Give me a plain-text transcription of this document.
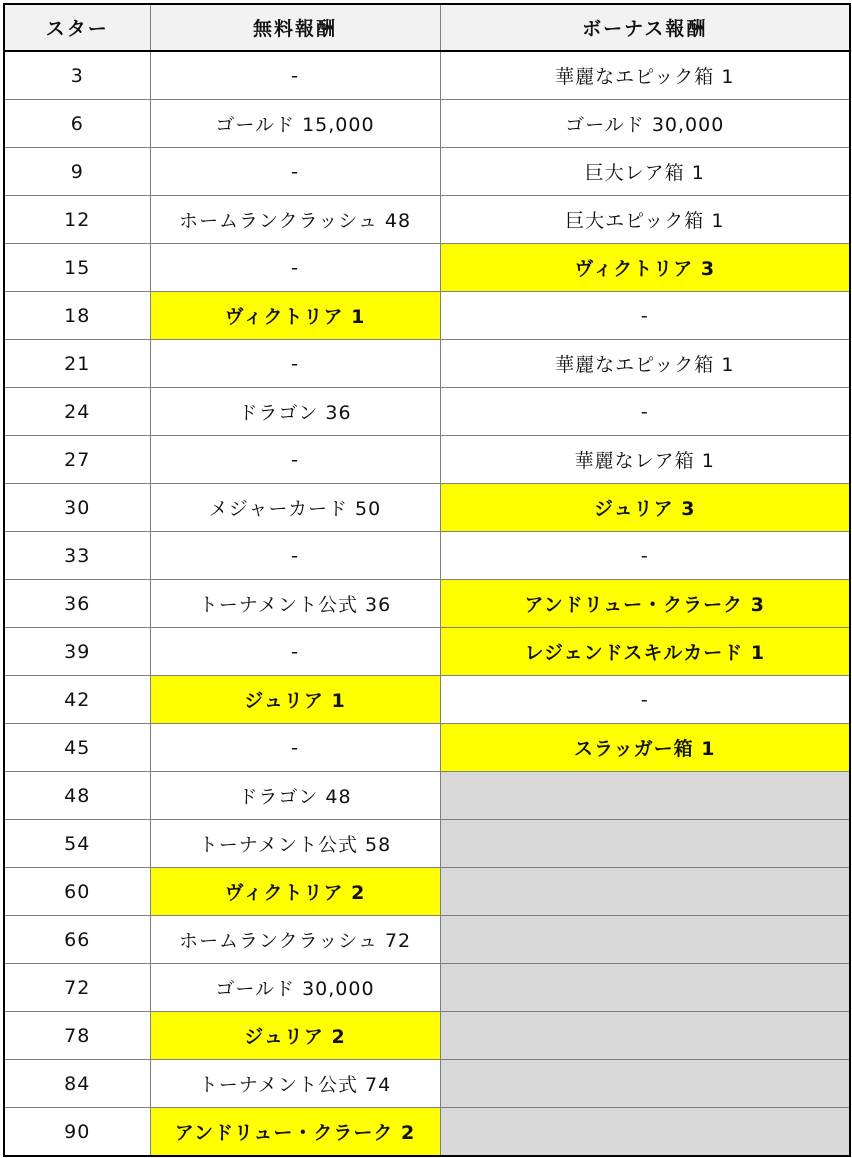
スター	無料報酬	ボーナス報酬
3	-	華麗なエピック箱 1
6	ゴールド 15,000	ゴールド 30,000
9	-	巨大レア箱 1
12	ホームランクラッシュ 48	巨大エピック箱 1
15	-	ヴィクトリア 3
18	ヴィクトリア 1	-
21	-	華麗なエピック箱 1
24	ドラゴン 36	-
27	-	華麗なレア箱 1
30	メジャーカード 50	ジュリア 3
33	-	-
36	トーナメント公式 36	アンドリュー・クラーク 3
39	-	レジェンドスキルカード 1
42	ジュリア 1	-
45	-	スラッガー箱 1
48	ドラゴン 48	
54	トーナメント公式 58	
60	ヴィクトリア 2	
66	ホームランクラッシュ 72	
72	ゴールド 30,000	
78	ジュリア 2	
84	トーナメント公式 74	
90	アンドリュー・クラーク 2	
